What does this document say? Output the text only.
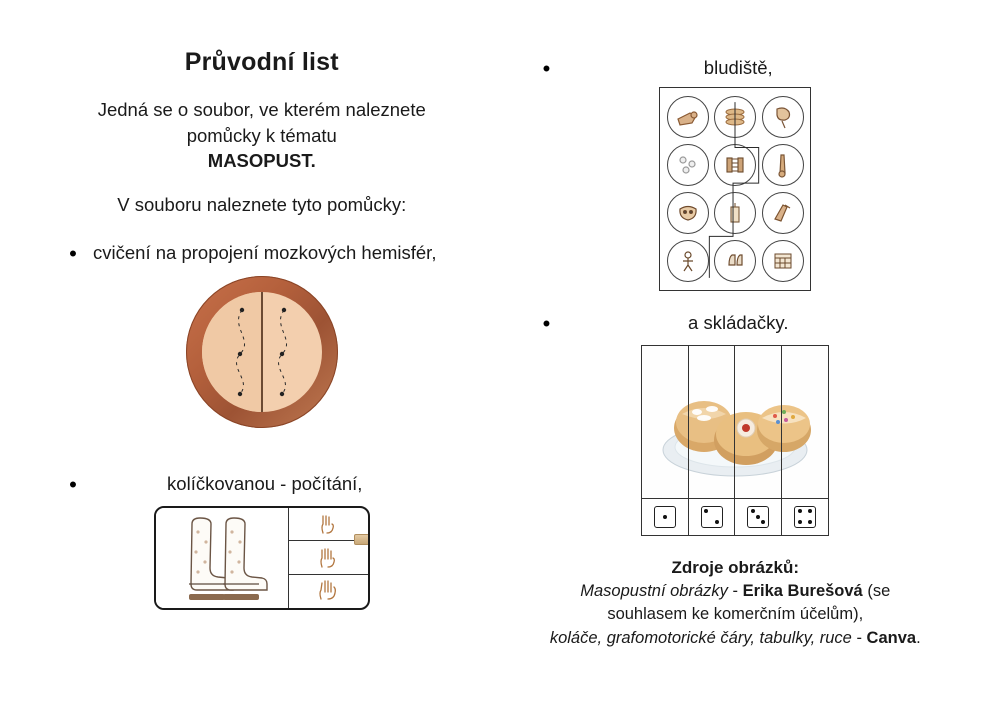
Průvodní list

Jedná se o soubor, ve kterém naleznete
pomůcky k tématu
MASOPUST.

V souboru naleznete tyto pomůcky:

• cvičení na propojení mozkových hemisfér,
•	kolíčkovanou - počítání,
•	bludiště,
•	a skládačky.
Zdroje obrázků:
Masopustní obrázky - Erika Burešová (se
souhlasem ke komerčním účelům),
koláče, grafomotorické čáry, tabulky, ruce - Canva.
